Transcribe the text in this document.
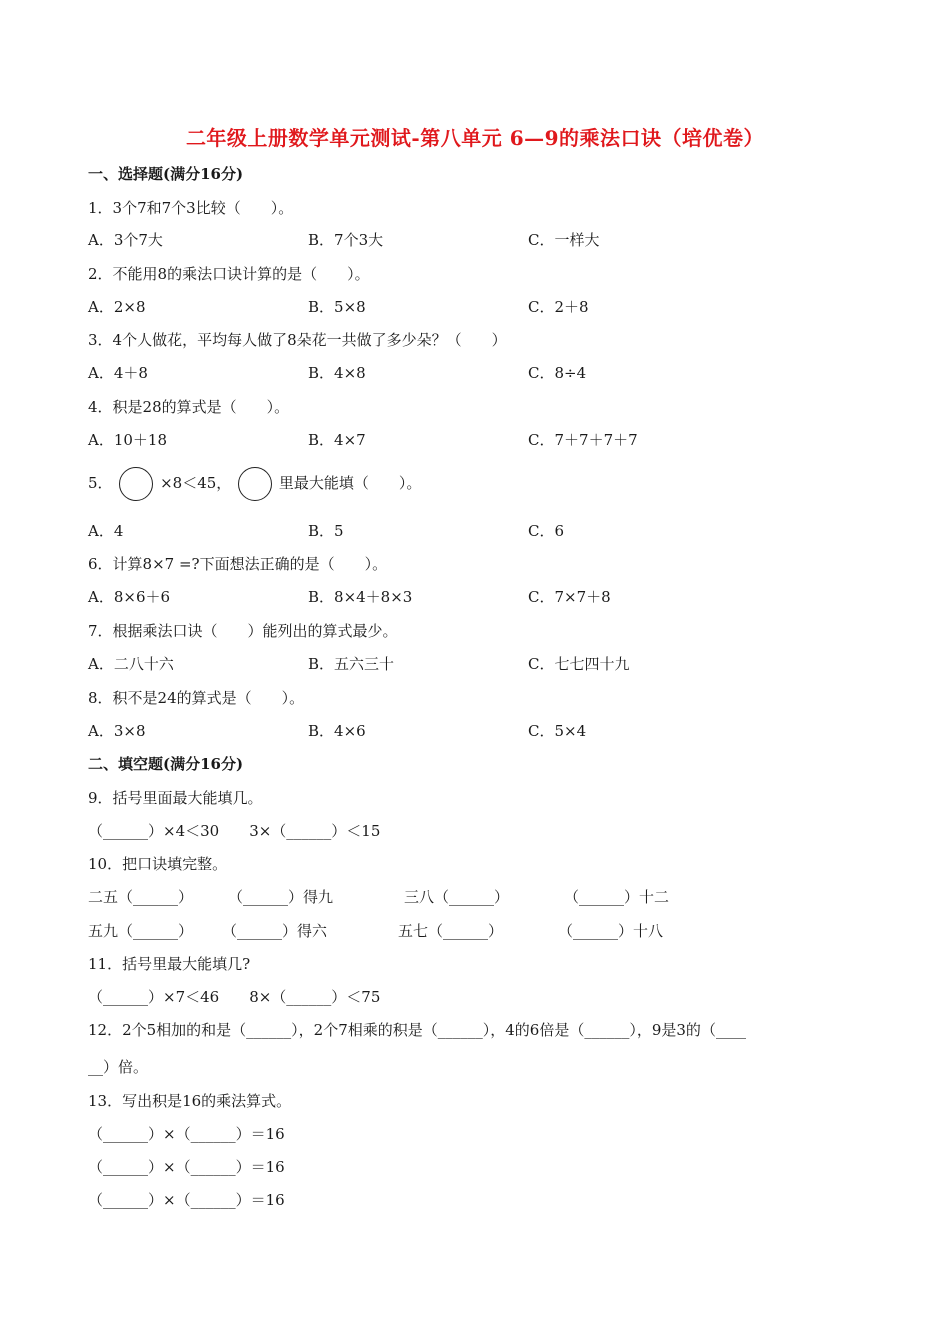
二年级上册数学单元测试-第八单元 6—9的乘法口诀（培优卷）
一、选择题(满分16分)
1．3个7和7个3比较（　　）。
A．3个7大	B．7个3大	C．一样大
2．不能用8的乘法口诀计算的是（　　）。
A．2×8	B．5×8	C．2＋8
3．4个人做花，平均每人做了8朵花一共做了多少朵？（　　）
A．4＋8	B．4×8	C．8÷4
4．积是28的算式是（　　）。
A．10＋18	B．4×7	C．7＋7＋7＋7
5．	×8＜45，	里最大能填（　　）。
A．4	B．5	C．6
6．计算8×7 =?下面想法正确的是（　　）。
A．8×6＋6	B．8×4＋8×3	C．7×7＋8
7．根据乘法口诀（　　）能列出的算式最少。
A．二八十六	B．五六三十	C．七七四十九
8．积不是24的算式是（　　）。
A．3×8	B．4×6	C．5×4
二、填空题(满分16分)
9．括号里面最大能填几。
（______）×4＜30　　3×（______）＜15
10．把口诀填完整。
二五（______） （______）得九	三八（______）	（______）十二
五九（______） （______）得六	五七（______）	（______）十八
11．括号里最大能填几?
（______）×7＜46　　8×（______）＜75
12．2个5相加的和是（______），2个7相乘的积是（______），4的6倍是（______），9是3的（____
__）倍。
13．写出积是16的乘法算式。
（______）×（______）＝16
（______）×（______）＝16
（______）×（______）＝16
